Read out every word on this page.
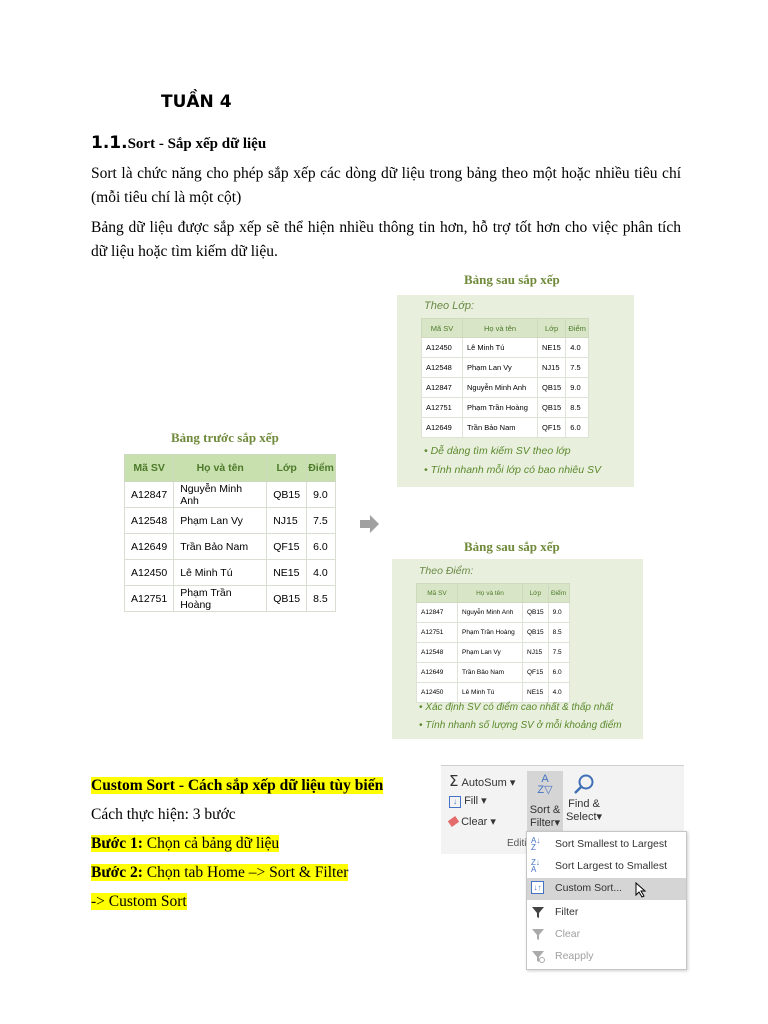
TUẦN 4
1.1.Sort - Sắp xếp dữ liệu
Sort là chức năng cho phép sắp xếp các dòng dữ liệu trong bảng theo một hoặc nhiều tiêu chí (mỗi tiêu chí là một cột)
Bảng dữ liệu được sắp xếp sẽ thể hiện nhiều thông tin hơn, hỗ trợ tốt hơn cho việc phân tích dữ liệu hoặc tìm kiếm dữ liệu.
Bảng trước sắp xếp
Mã SV	Họ và tên	Lớp	Điểm
A12847	Nguyễn Minh Anh	QB15	9.0
A12548	Phạm Lan Vy	NJ15	7.5
A12649	Trần Bảo Nam	QF15	6.0
A12450	Lê Minh Tú	NE15	4.0
A12751	Phạm Trần Hoàng	QB15	8.5
Bảng sau sắp xếp
Theo Lớp:
Mã SV	Họ và tên	Lớp	Điểm
A12450	Lê Minh Tú	NE15	4.0
A12548	Phạm Lan Vy	NJ15	7.5
A12847	Nguyễn Minh Anh	QB15	9.0
A12751	Phạm Trần Hoàng	QB15	8.5
A12649	Trần Bảo Nam	QF15	6.0
• Dễ dàng tìm kiếm SV theo lớp
• Tính nhanh mỗi lớp có bao nhiêu SV
Bảng sau sắp xếp
Theo Điểm:
Mã SV	Họ và tên	Lớp	Điểm
A12847	Nguyễn Minh Anh	QB15	9.0
A12751	Phạm Trần Hoàng	QB15	8.5
A12548	Phạm Lan Vy	NJ15	7.5
A12649	Trần Bảo Nam	QF15	6.0
A12450	Lê Minh Tú	NE15	4.0
• Xác định SV có điểm cao nhất & thấp nhất
• Tính nhanh số lượng SV ở mỗi khoảng điểm
Custom Sort - Cách sắp xếp dữ liệu tùy biến
Cách thực hiện: 3 bước
Bước 1: Chọn cả bảng dữ liệu
Bước 2: Chọn tab Home –> Sort & Filter
-> Custom Sort
Σ AutoSum ▾
↓ Fill ▾
Clear ▾
A
Z▽
Sort &
Filter▾
Find &
Select▾
Editi A↓
Z	Sort Smallest to Largest
Z↓
A	Sort Largest to Smallest
↓↑ Custom Sort...
Filter
Clear
Reapply
